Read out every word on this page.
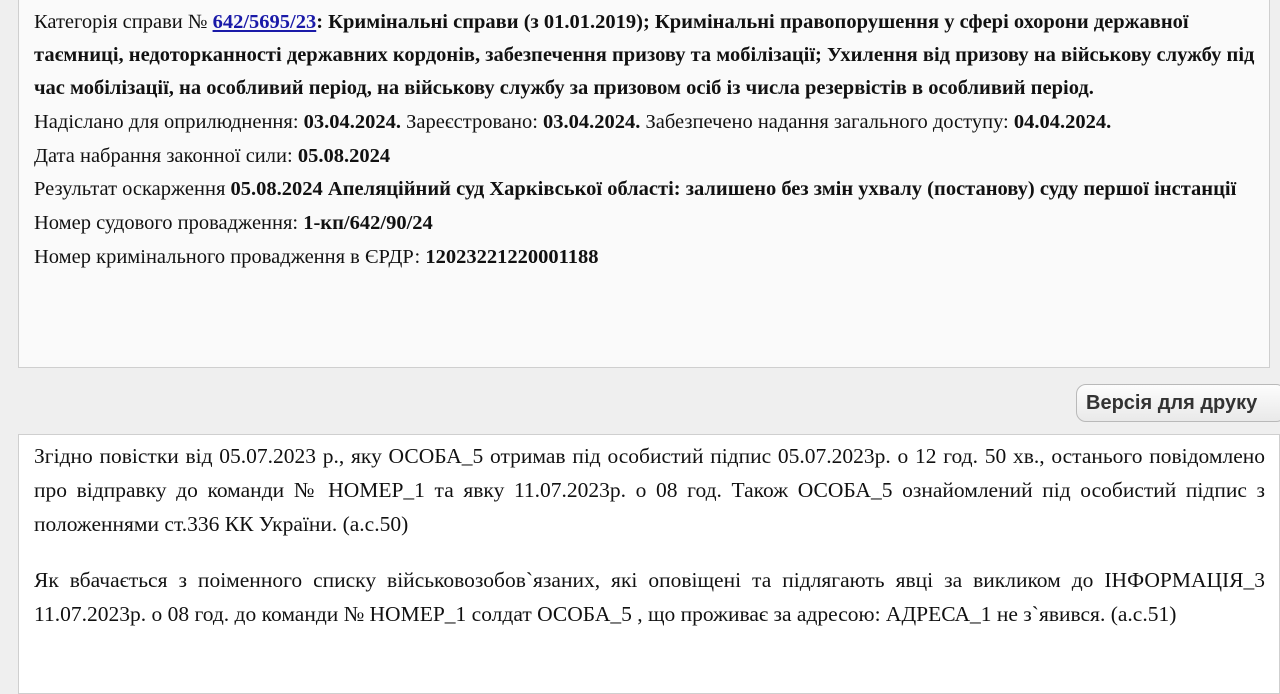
Категорія справи № 642/5695/23: Кримінальні справи (з 01.01.2019); Кримінальні правопорушення у сфері охорони державної таємниці, недоторканності державних кордонів, забезпечення призову та мобілізації; Ухилення від призову на військову службу під час мобілізації, на особливий період, на військову службу за призовом осіб із числа резервістів в особливий період.

Надіслано для оприлюднення: 03.04.2024. Зареєстровано: 03.04.2024. Забезпечено надання загального доступу: 04.04.2024.

Дата набрання законної сили: 05.08.2024

Результат оскарження 05.08.2024 Апеляційний суд Харківської області: залишено без змін ухвалу (постанову) суду першої інстанції

Номер судового провадження: 1-кп/642/90/24

Номер кримінального провадження в ЄРДР: 12023221220001188

Версія для друку

Згідно повістки від 05.07.2023 р., яку ОСОБА_5 отримав під особистий підпис 05.07.2023р. о 12 год. 50 хв., останього повідомлено про відправку до команди № НОМЕР_1 та явку 11.07.2023р. о 08 год. Також ОСОБА_5 ознайомлений під особистий підпис з положеннями ст.336 КК України. (а.с.50)

Як вбачається з поіменного списку військовозобов`язаних, які оповіщені та підлягають явці за викликом до ІНФОРМАЦІЯ_3 11.07.2023р. о 08 год. до команди № НОМЕР_1 солдат ОСОБА_5 , що проживає за адресою: АДРЕСА_1 не з`явився. (а.с.51)
